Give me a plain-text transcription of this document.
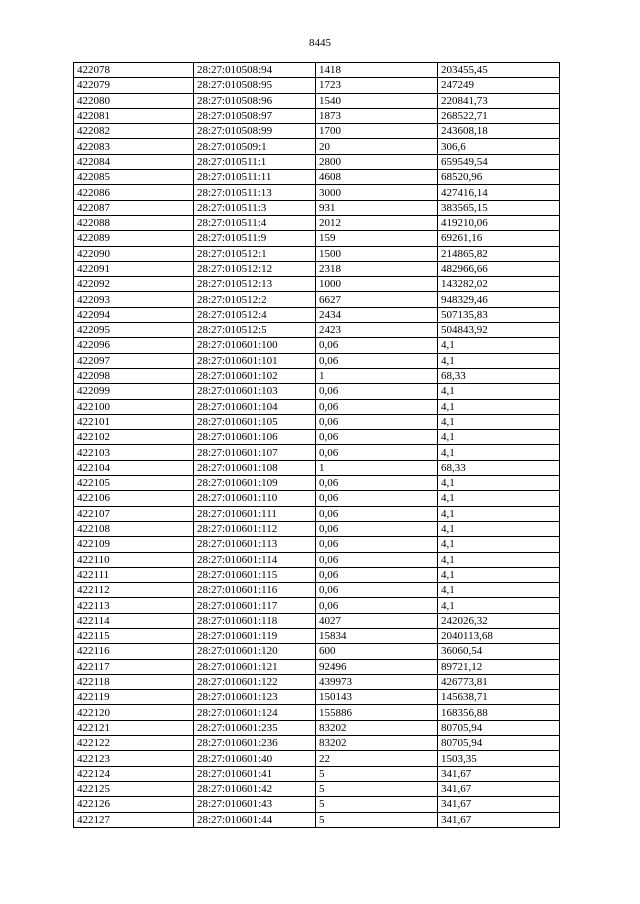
8445
422078	28:27:010508:94	1418	203455,45
422079	28:27:010508:95	1723	247249
422080	28:27:010508:96	1540	220841,73
422081	28:27:010508:97	1873	268522,71
422082	28:27:010508:99	1700	243608,18
422083	28:27:010509:1	20	306,6
422084	28:27:010511:1	2800	659549,54
422085	28:27:010511:11	4608	68520,96
422086	28:27:010511:13	3000	427416,14
422087	28:27:010511:3	931	383565,15
422088	28:27:010511:4	2012	419210,06
422089	28:27:010511:9	159	69261,16
422090	28:27:010512:1	1500	214865,82
422091	28:27:010512:12	2318	482966,66
422092	28:27:010512:13	1000	143282,02
422093	28:27:010512:2	6627	948329,46
422094	28:27:010512:4	2434	507135,83
422095	28:27:010512:5	2423	504843,92
422096	28:27:010601:100	0,06	4,1
422097	28:27:010601:101	0,06	4,1
422098	28:27:010601:102	1	68,33
422099	28:27:010601:103	0,06	4,1
422100	28:27:010601:104	0,06	4,1
422101	28:27:010601:105	0,06	4,1
422102	28:27:010601:106	0,06	4,1
422103	28:27:010601:107	0,06	4,1
422104	28:27:010601:108	1	68,33
422105	28:27:010601:109	0,06	4,1
422106	28:27:010601:110	0,06	4,1
422107	28:27:010601:111	0,06	4,1
422108	28:27:010601:112	0,06	4,1
422109	28:27:010601:113	0,06	4,1
422110	28:27:010601:114	0,06	4,1
422111	28:27:010601:115	0,06	4,1
422112	28:27:010601:116	0,06	4,1
422113	28:27:010601:117	0,06	4,1
422114	28:27:010601:118	4027	242026,32
422115	28:27:010601:119	15834	2040113,68
422116	28:27:010601:120	600	36060,54
422117	28:27:010601:121	92496	89721,12
422118	28:27:010601:122	439973	426773,81
422119	28:27:010601:123	150143	145638,71
422120	28:27:010601:124	155886	168356,88
422121	28:27:010601:235	83202	80705,94
422122	28:27:010601:236	83202	80705,94
422123	28:27:010601:40	22	1503,35
422124	28:27:010601:41	5	341,67
422125	28:27:010601:42	5	341,67
422126	28:27:010601:43	5	341,67
422127	28:27:010601:44	5	341,67
